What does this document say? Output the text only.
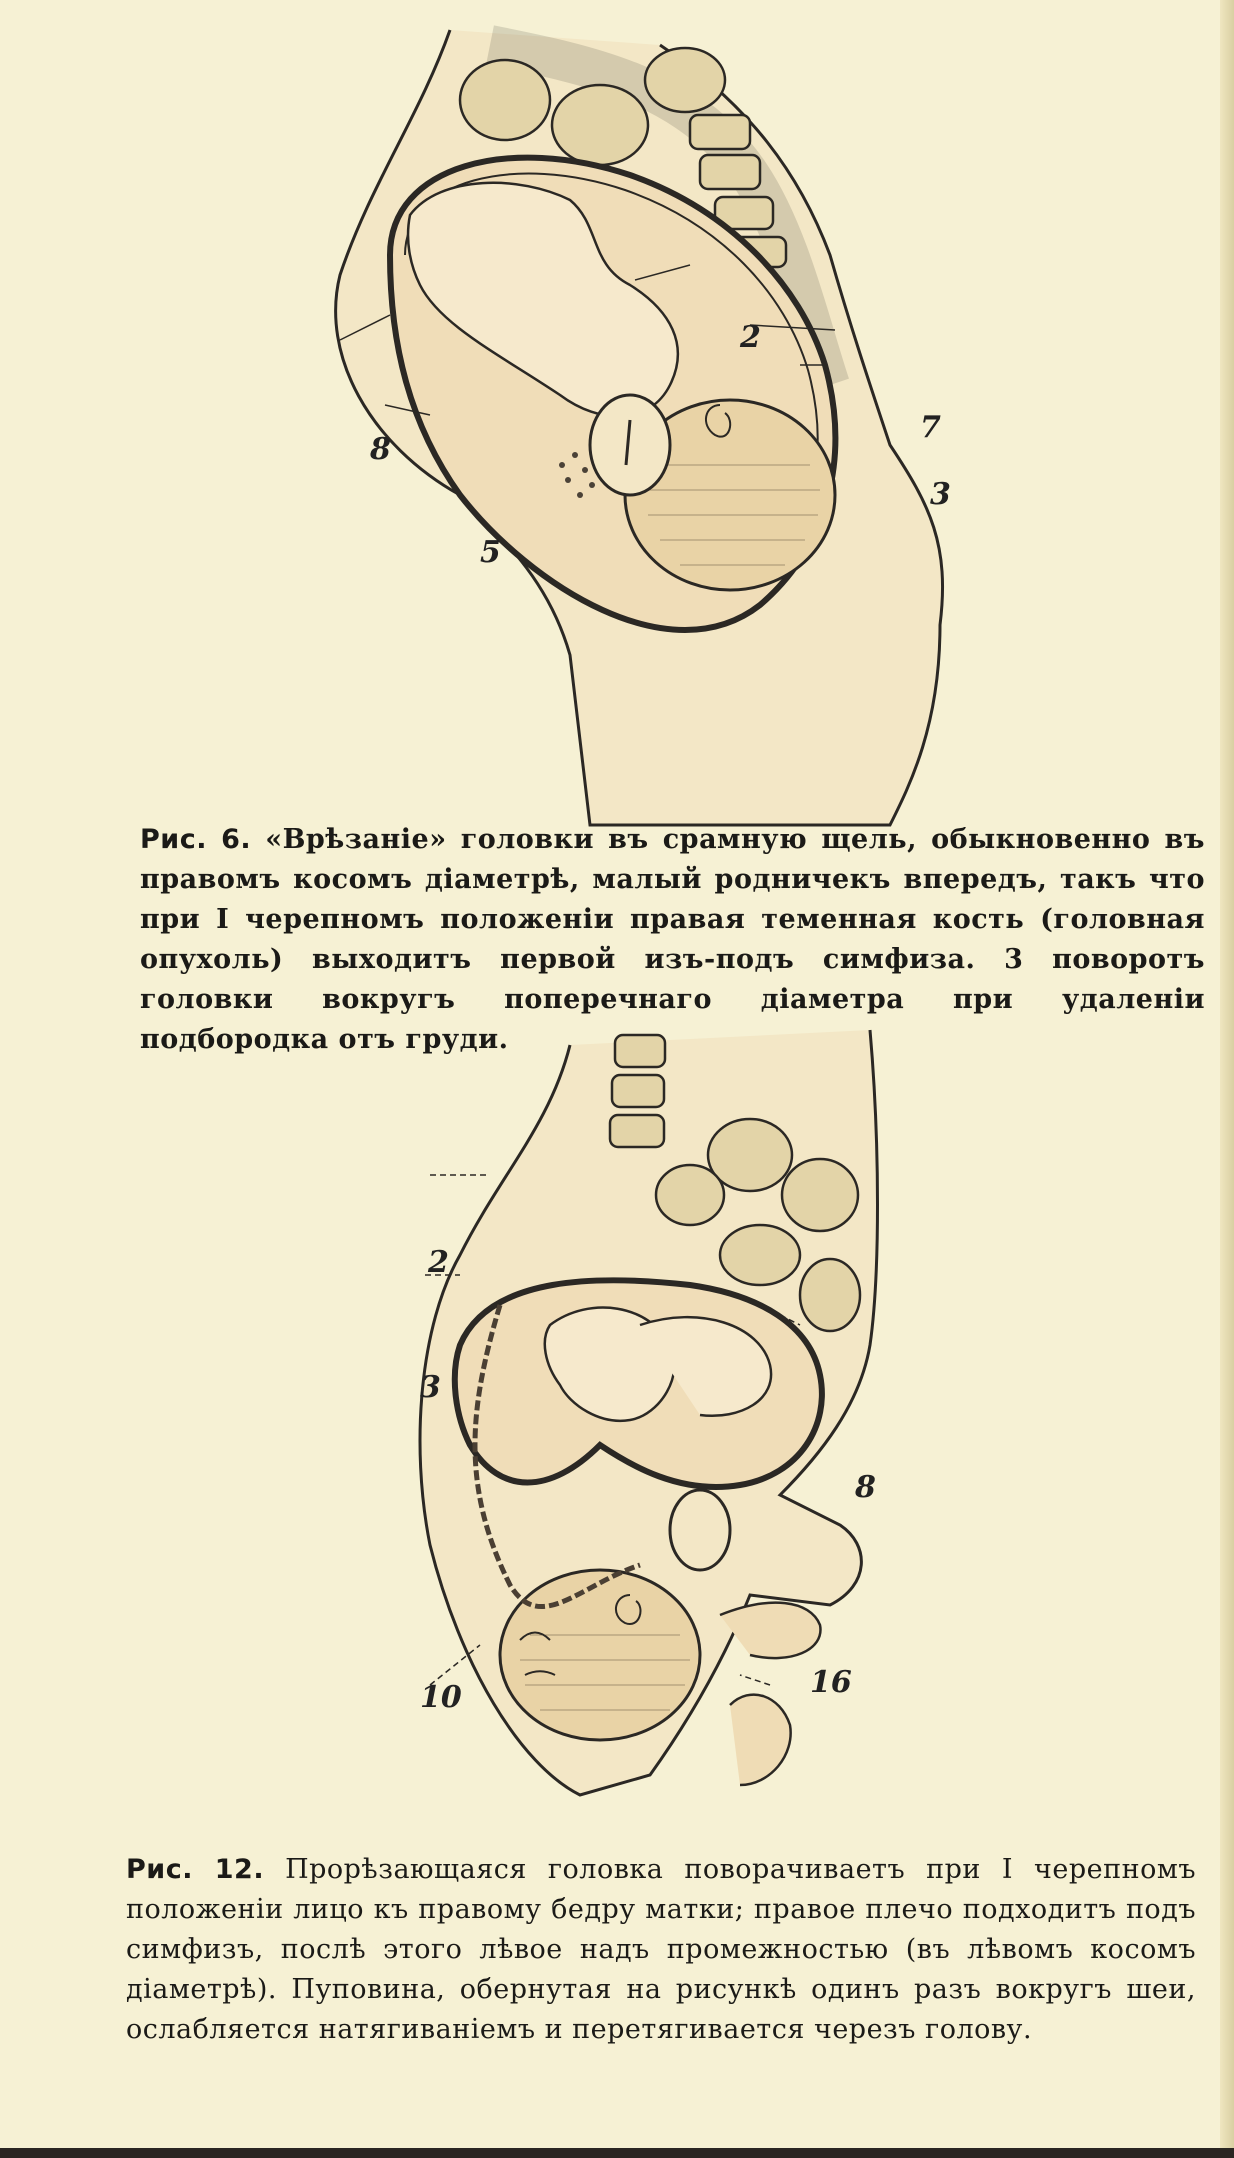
2
7
3
8
5

Рис. 6. «Врѣзаніе» головки въ срамную щель, обыкновенно въ правомъ косомъ діаметрѣ, малый родничекъ впередъ, такъ что при I черепномъ положеніи правая теменная кость (головная опухоль) выходитъ первой изъ-подъ симфиза. 3 поворотъ головки вокругъ поперечнаго діаметра при удаленіи подбородка отъ груди.

2
3
8
10	16

Рис. 12. Прорѣзающаяся головка поворачиваетъ при I черепномъ положеніи лицо къ правому бедру матки; правое плечо подходитъ подъ симфизъ, послѣ этого лѣвое надъ промежностью (въ лѣвомъ косомъ діаметрѣ). Пуповина, обернутая на рисункѣ одинъ разъ вокругъ шеи, ослабляется натягиваніемъ и перетягивается черезъ голову.
